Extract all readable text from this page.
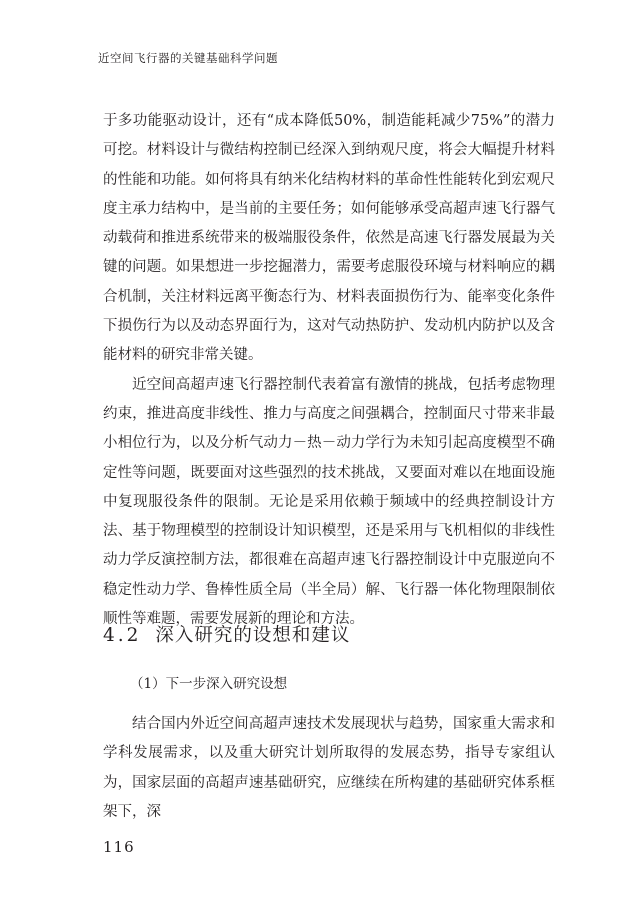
近空间飞行器的关键基础科学问题

于多功能驱动设计，还有“成本降低50%，制造能耗减少75%”的潜力可挖。材料设计与微结构控制已经深入到纳观尺度，将会大幅提升材料的性能和功能。如何将具有纳米化结构材料的革命性性能转化到宏观尺度主承力结构中，是当前的主要任务；如何能够承受高超声速飞行器气动载荷和推进系统带来的极端服役条件，依然是高速飞行器发展最为关键的问题。如果想进一步挖掘潜力，需要考虑服役环境与材料响应的耦合机制，关注材料远离平衡态行为、材料表面损伤行为、能率变化条件下损伤行为以及动态界面行为，这对气动热防护、发动机内防护以及含能材料的研究非常关键。

近空间高超声速飞行器控制代表着富有激情的挑战，包括考虑物理约束，推进高度非线性、推力与高度之间强耦合，控制面尺寸带来非最小相位行为，以及分析气动力－热－动力学行为未知引起高度模型不确定性等问题，既要面对这些强烈的技术挑战，又要面对难以在地面设施中复现服役条件的限制。无论是采用依赖于频域中的经典控制设计方法、基于物理模型的控制设计知识模型，还是采用与飞机相似的非线性动力学反演控制方法，都很难在高超声速飞行器控制设计中克服逆向不稳定性动力学、鲁棒性质全局（半全局）解、飞行器一体化物理限制依顺性等难题，需要发展新的理论和方法。

4.2 深入研究的设想和建议
（1）下一步深入研究设想

结合国内外近空间高超声速技术发展现状与趋势，国家重大需求和学科发展需求，以及重大研究计划所取得的发展态势，指导专家组认为，国家层面的高超声速基础研究，应继续在所构建的基础研究体系框架下，深

116
